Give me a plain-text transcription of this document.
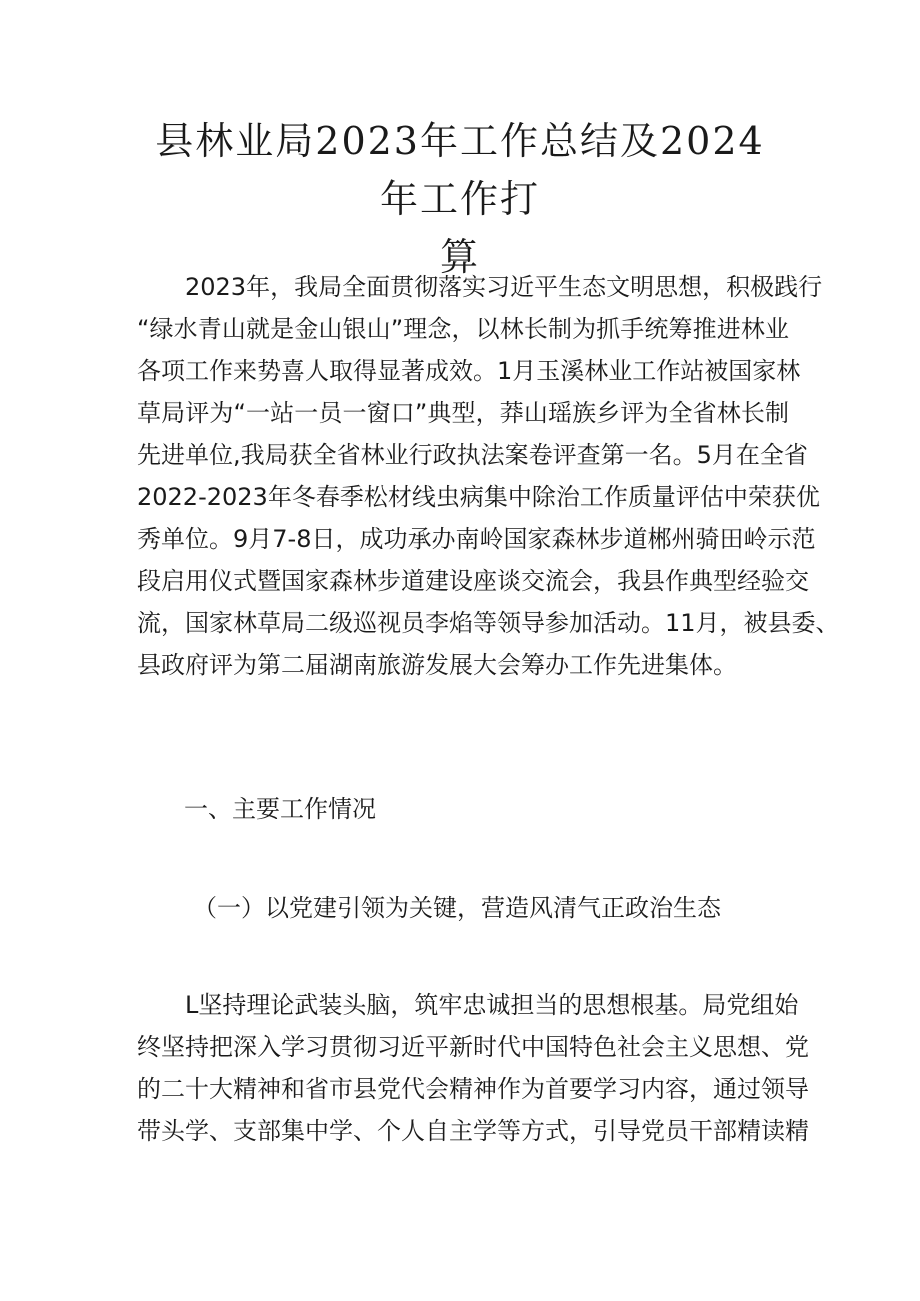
县林业局2023年工作总结及2024年工作打
算
2023年，我局全面贯彻落实习近平生态文明思想，积极践行
“绿水青山就是金山银山”理念，以林长制为抓手统筹推进林业
各项工作来势喜人取得显著成效。1月玉溪林业工作站被国家林
草局评为“一站一员一窗口”典型，莽山瑶族乡评为全省林长制
先进单位,我局获全省林业行政执法案卷评查第一名。5月在全省
2022-2023年冬春季松材线虫病集中除治工作质量评估中荣获优
秀单位。9月7-8日，成功承办南岭国家森林步道郴州骑田岭示范
段启用仪式暨国家森林步道建设座谈交流会，我县作典型经验交
流，国家林草局二级巡视员李焰等领导参加活动。11月，被县委、
县政府评为第二届湖南旅游发展大会筹办工作先进集体。
一、主要工作情况
（一）以党建引领为关键，营造风清气正政治生态
L坚持理论武装头脑，筑牢忠诚担当的思想根基。局党组始
终坚持把深入学习贯彻习近平新时代中国特色社会主义思想、党
的二十大精神和省市县党代会精神作为首要学习内容，通过领导
带头学、支部集中学、个人自主学等方式，引导党员干部精读精
